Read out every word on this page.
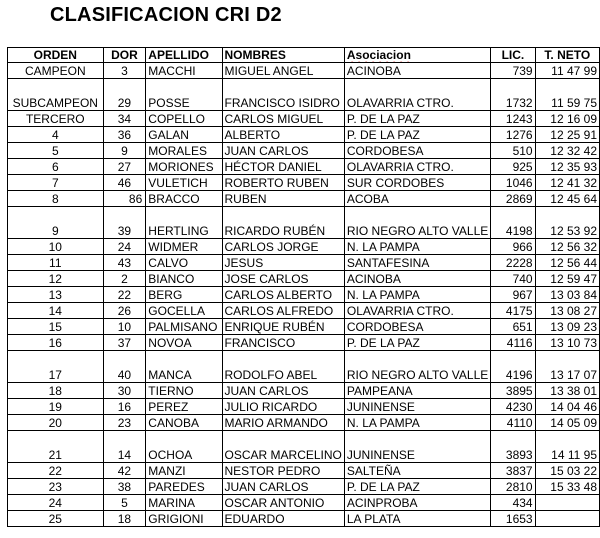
CLASIFICACION CRI D2
ORDEN	DOR	APELLIDO	NOMBRES	Asociacion	LIC.	T. NETO
CAMPEON	3	MACCHI	MIGUEL ANGEL	ACINOBA	739	11 47 99
SUBCAMPEON	29	POSSE	FRANCISCO ISIDRO	OLAVARRIA CTRO.	1732	11 59 75
TERCERO	34	COPELLO	CARLOS MIGUEL	P. DE LA PAZ	1243	12 16 09
4	36	GALAN	ALBERTO	P. DE LA PAZ	1276	12 25 91
5	9	MORALES	JUAN CARLOS	CORDOBESA	510	12 32 42
6	27	MORIONES	HÉCTOR DANIEL	OLAVARRIA CTRO.	925	12 35 93
7	46	VULETICH	ROBERTO RUBEN	SUR CORDOBES	1046	12 41 32
8	86	BRACCO	RUBEN	ACOBA	2869	12 45 64
9	39	HERTLING	RICARDO RUBÉN	RIO NEGRO ALTO VALLE	4198	12 53 92
10	24	WIDMER	CARLOS JORGE	N. LA PAMPA	966	12 56 32
11	43	CALVO	JESUS	SANTAFESINA	2228	12 56 44
12	2	BIANCO	JOSE CARLOS	ACINOBA	740	12 59 47
13	22	BERG	CARLOS ALBERTO	N. LA PAMPA	967	13 03 84
14	26	GOCELLA	CARLOS ALFREDO	OLAVARRIA CTRO.	4175	13 08 27
15	10	PALMISANO	ENRIQUE RUBÉN	CORDOBESA	651	13 09 23
16	37	NOVOA	FRANCISCO	P. DE LA PAZ	4116	13 10 73
17	40	MANCA	RODOLFO ABEL	RIO NEGRO ALTO VALLE	4196	13 17 07
18	30	TIERNO	JUAN CARLOS	PAMPEANA	3895	13 38 01
19	16	PEREZ	JULIO RICARDO	JUNINENSE	4230	14 04 46
20	23	CANOBA	MARIO ARMANDO	N. LA PAMPA	4110	14 05 09
21	14	OCHOA	OSCAR MARCELINO	JUNINENSE	3893	14 11 95
22	42	MANZI	NESTOR PEDRO	SALTEÑA	3837	15 03 22
23	38	PAREDES	JUAN CARLOS	P. DE LA PAZ	2810	15 33 48
24	5	MARINA	OSCAR ANTONIO	ACINPROBA	434	
25	18	GRIGIONI	EDUARDO	LA PLATA	1653	
